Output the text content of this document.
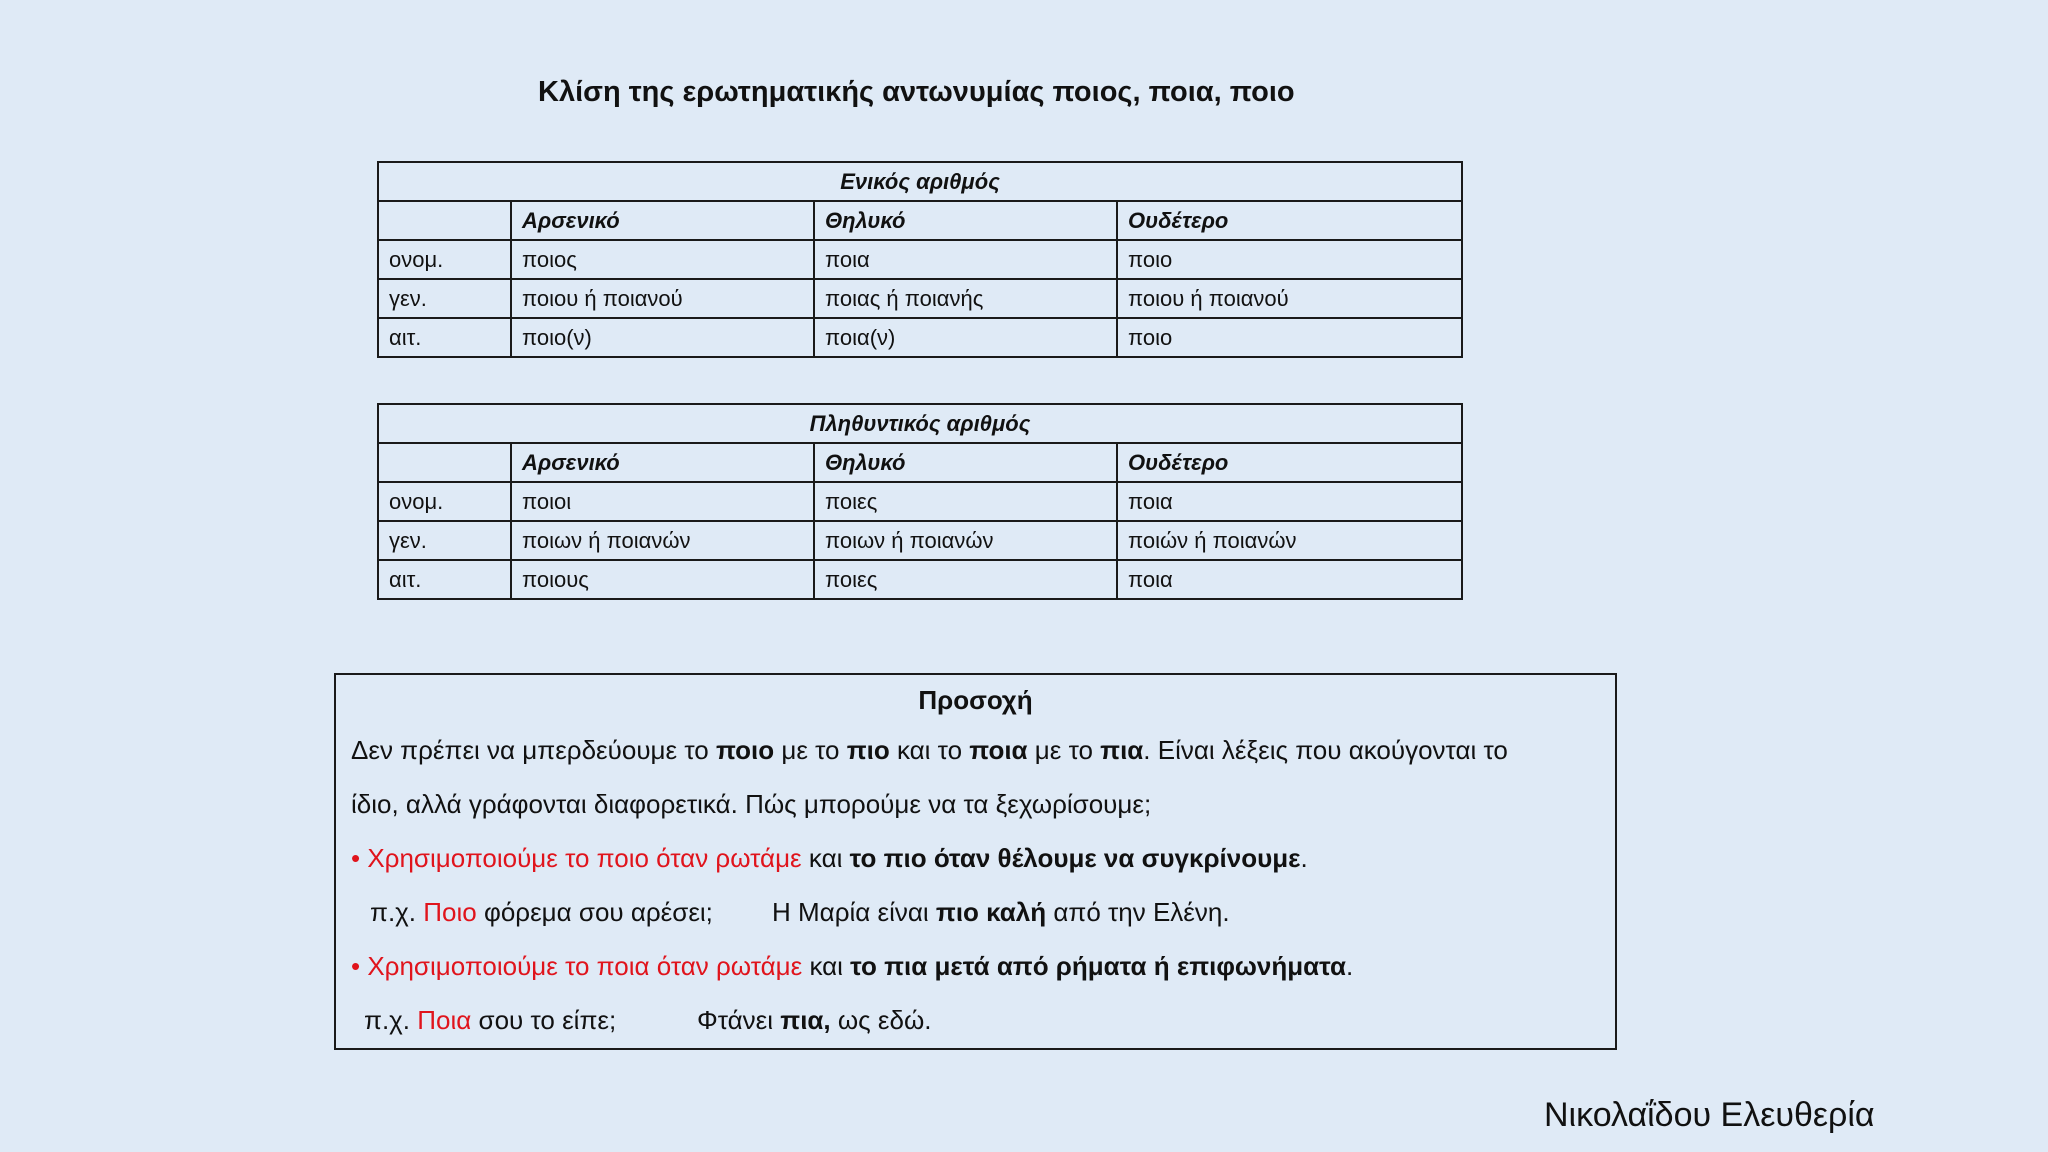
Κλίση της ερωτηματικής αντωνυμίας ποιος, ποια, ποιο
Ενικός αριθμός			
	Αρσενικό	Θηλυκό	Ουδέτερο
ονομ.	ποιος	ποια	ποιο
γεν.	ποιου ή ποιανού	ποιας ή ποιανής	ποιου ή ποιανού
αιτ.	ποιο(ν)	ποια(ν)	ποιο
Πληθυντικός αριθμός			
	Αρσενικό	Θηλυκό	Ουδέτερο
ονομ.	ποιοι	ποιες	ποια
γεν.	ποιων ή ποιανών	ποιων ή ποιανών	ποιών ή ποιανών
αιτ.	ποιους	ποιες	ποια
Προσοχή
Δεν πρέπει να μπερδεύουμε το ποιο με το πιο και το ποια με το πια. Είναι λέξεις που ακούγονται το
ίδιο, αλλά γράφονται διαφορετικά. Πώς μπορούμε να τα ξεχωρίσουμε;
• Χρησιμοποιούμε το ποιο όταν ρωτάμε και το πιο όταν θέλουμε να συγκρίνουμε.
π.χ. Ποιο φόρεμα σου αρέσει; Η Μαρία είναι πιο καλή από την Ελένη.
• Χρησιμοποιούμε το ποια όταν ρωτάμε και το πια μετά από ρήματα ή επιφωνήματα.
π.χ. Ποια σου το είπε;	Φτάνει πια, ως εδώ.
Νικολαΐδου Ελευθερία
